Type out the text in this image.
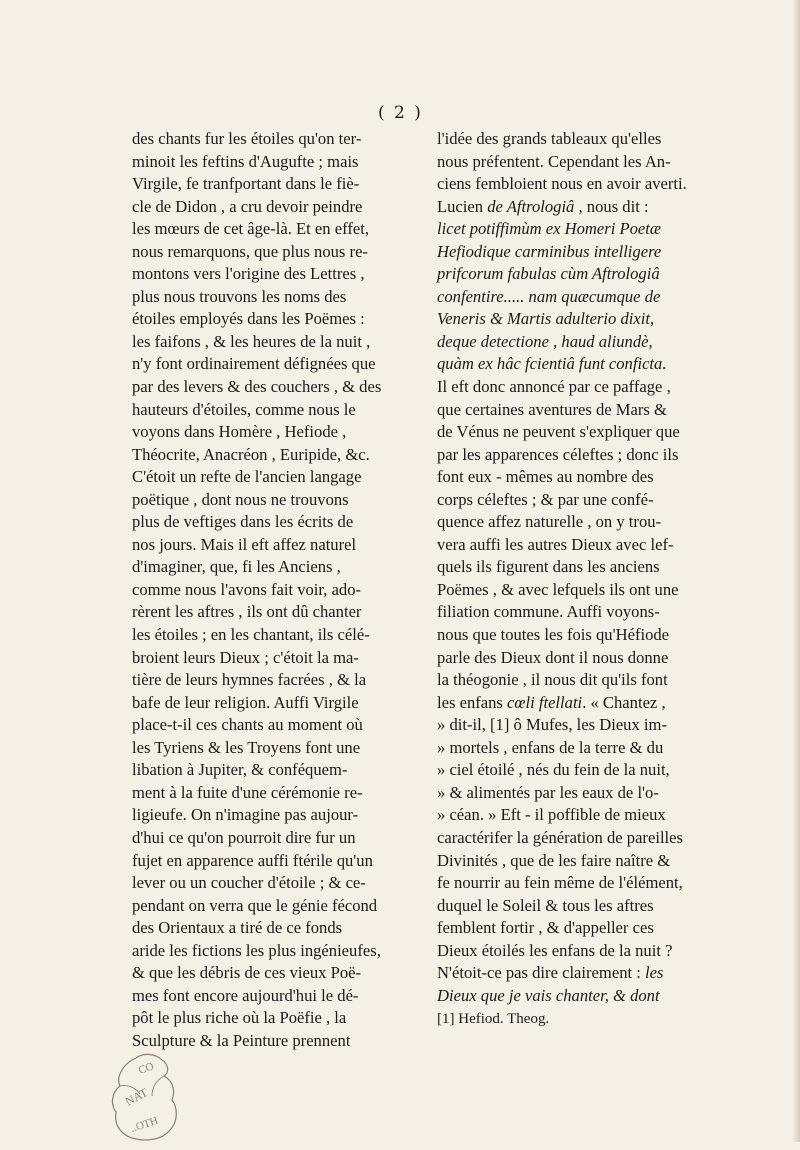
( 2 )
des chants fur les étoiles qu'on ter-
minoit les feftins d'Augufte ; mais
Virgile, fe tranfportant dans le fiè-
cle de Didon , a cru devoir peindre
les mœurs de cet âge-là. Et en effet,
nous remarquons, que plus nous re-
montons vers l'origine des Lettres ,
plus nous trouvons les noms des
étoiles employés dans les Poëmes :
les faifons , & les heures de la nuit ,
n'y font ordinairement défignées que
par des levers & des couchers , & des
hauteurs d'étoiles, comme nous le
voyons dans Homère , Hefiode ,
Théocrite, Anacréon , Euripide, &c.
C'étoit un refte de l'ancien langage
poëtique , dont nous ne trouvons
plus de veftiges dans les écrits de
nos jours. Mais il eft affez naturel
d'imaginer, que, fi les Anciens ,
comme nous l'avons fait voir, ado-
rèrent les aftres , ils ont dû chanter
les étoiles ; en les chantant, ils célé-
broient leurs Dieux ; c'étoit la ma-
tière de leurs hymnes facrées , & la
bafe de leur religion. Auffi Virgile
place-t-il ces chants au moment où
les Tyriens & les Troyens font une
libation à Jupiter, & conféquem-
ment à la fuite d'une cérémonie re-
ligieufe. On n'imagine pas aujour-
d'hui ce qu'on pourroit dire fur un
fujet en apparence auffi ftérile qu'un
lever ou un coucher d'étoile ; & ce-
pendant on verra que le génie fécond
des Orientaux a tiré de ce fonds
aride les fictions les plus ingénieufes,
& que les débris de ces vieux Poë-
mes font encore aujourd'hui le dé-
pôt le plus riche où la Poëfie , la
Sculpture & la Peinture prennent
l'idée des grands tableaux qu'elles
nous préfentent. Cependant les An-
ciens fembloient nous en avoir averti.
Lucien de Aftrologiâ , nous dit :
licet potiffimùm ex Homeri Poetæ
Hefiodique carminibus intelligere
prifcorum fabulas cùm Aftrologiâ
confentire..... nam quæcumque de
Veneris & Martis adulterio dixit,
deque detectione , haud aliundè,
quàm ex hâc fcientiâ funt conficta.
Il eft donc annoncé par ce paffage ,
que certaines aventures de Mars &
de Vénus ne peuvent s'expliquer que
par les apparences céleftes ; donc ils
font eux - mêmes au nombre des
corps céleftes ; & par une confé-
quence affez naturelle , on y trou-
vera auffi les autres Dieux avec lef-
quels ils figurent dans les anciens
Poëmes , & avec lefquels ils ont une
filiation commune. Auffi voyons-
nous que toutes les fois qu'Héfiode
parle des Dieux dont il nous donne
la théogonie , il nous dit qu'ils font
les enfans cœli ftellati. « Chantez ,
» dit-il, [1] ô Mufes, les Dieux im-
» mortels , enfans de la terre & du
» ciel étoilé , nés du fein de la nuit,
» & alimentés par les eaux de l'o-
» céan. » Eft - il poffible de mieux
caractérifer la génération de pareilles
Divinités , que de les faire naître &
fe nourrir au fein même de l'élément,
duquel le Soleil & tous les aftres
femblent fortir , & d'appeller ces
Dieux étoilés les enfans de la nuit ?
N'étoit-ce pas dire clairement : les
Dieux que je vais chanter, & dont
[1] Hefiod. Theog.
CO
NAT
..OTH
